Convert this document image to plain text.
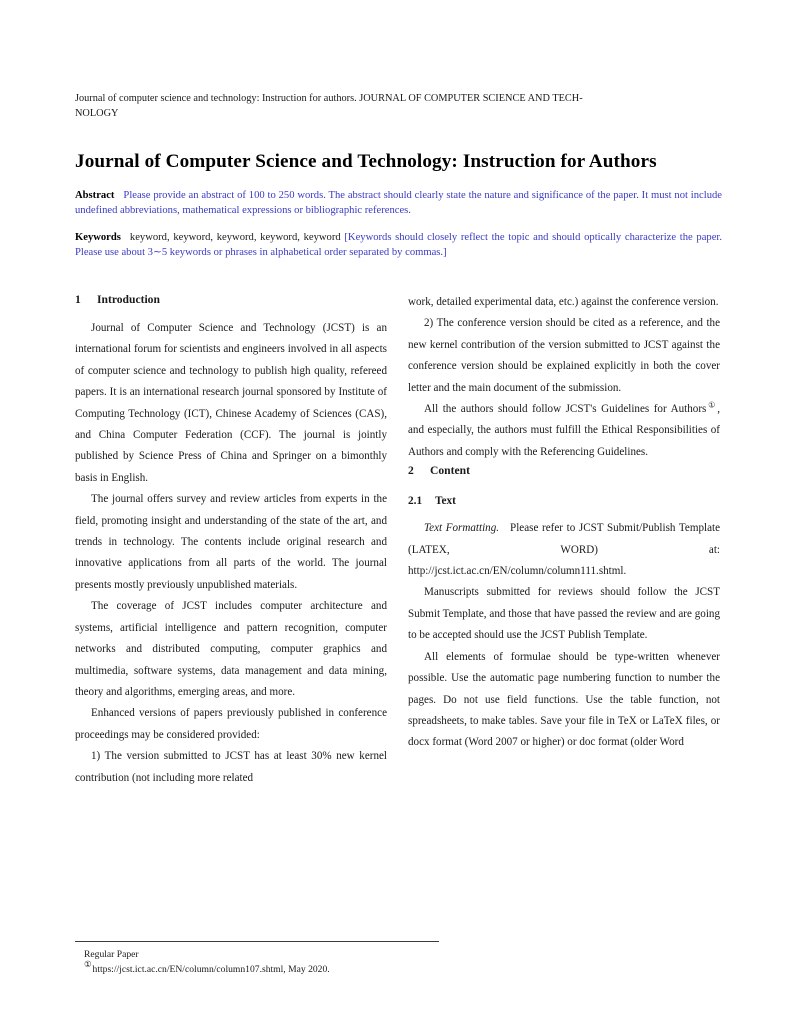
Journal of computer science and technology: Instruction for authors. JOURNAL OF COMPUTER SCIENCE AND TECH-
NOLOGY
Journal of Computer Science and Technology: Instruction for Authors
Abstract Please provide an abstract of 100 to 250 words. The abstract should clearly state the nature and significance of the paper. It must not include undefined abbreviations, mathematical expressions or bibliographic references.
Keywords keyword, keyword, keyword, keyword, keyword [Keywords should closely reflect the topic and should optically characterize the paper. Please use about 3∼5 keywords or phrases in alphabetical order separated by commas.]
1 Introduction

Journal of Computer Science and Technology (JCST) is an international forum for scientists and engineers involved in all aspects of computer science and technology to publish high quality, refereed papers. It is an international research journal sponsored by Institute of Computing Technology (ICT), Chinese Academy of Sciences (CAS), and China Computer Federation (CCF). The journal is jointly published by Science Press of China and Springer on a bimonthly basis in English.

The journal offers survey and review articles from experts in the field, promoting insight and understanding of the state of the art, and trends in technology. The contents include original research and innovative applications from all parts of the world. The journal presents mostly previously unpublished materials.

The coverage of JCST includes computer architecture and systems, artificial intelligence and pattern recognition, computer networks and distributed computing, computer graphics and multimedia, software systems, data management and data mining, theory and algorithms, emerging areas, and more.

Enhanced versions of papers previously published in conference proceedings may be considered provided:

1) The version submitted to JCST has at least 30% new kernel contribution (not including more related

work, detailed experimental data, etc.) against the conference version.

2) The conference version should be cited as a reference, and the new kernel contribution of the version submitted to JCST against the conference version should be explained explicitly in both the cover letter and the main document of the submission.

All the authors should follow JCST's Guidelines for Authors①, and especially, the authors must fulfill the Ethical Responsibilities of Authors and comply with the Referencing Guidelines.

2 Content
2.1 Text

Text Formatting. Please refer to JCST Submit/Publish Template (LATEX, WORD) at: http://jcst.ict.ac.cn/EN/column/column111.shtml.

Manuscripts submitted for reviews should follow the JCST Submit Template, and those that have passed the review and are going to be accepted should use the JCST Publish Template.

All elements of formulae should be type-written whenever possible. Use the automatic page numbering function to number the pages. Do not use field functions. Use the table function, not spreadsheets, to make tables. Save your file in TeX or LaTeX files, or docx format (Word 2007 or higher) or doc format (older Word

Regular Paper
①https://jcst.ict.ac.cn/EN/column/column107.shtml, May 2020.
